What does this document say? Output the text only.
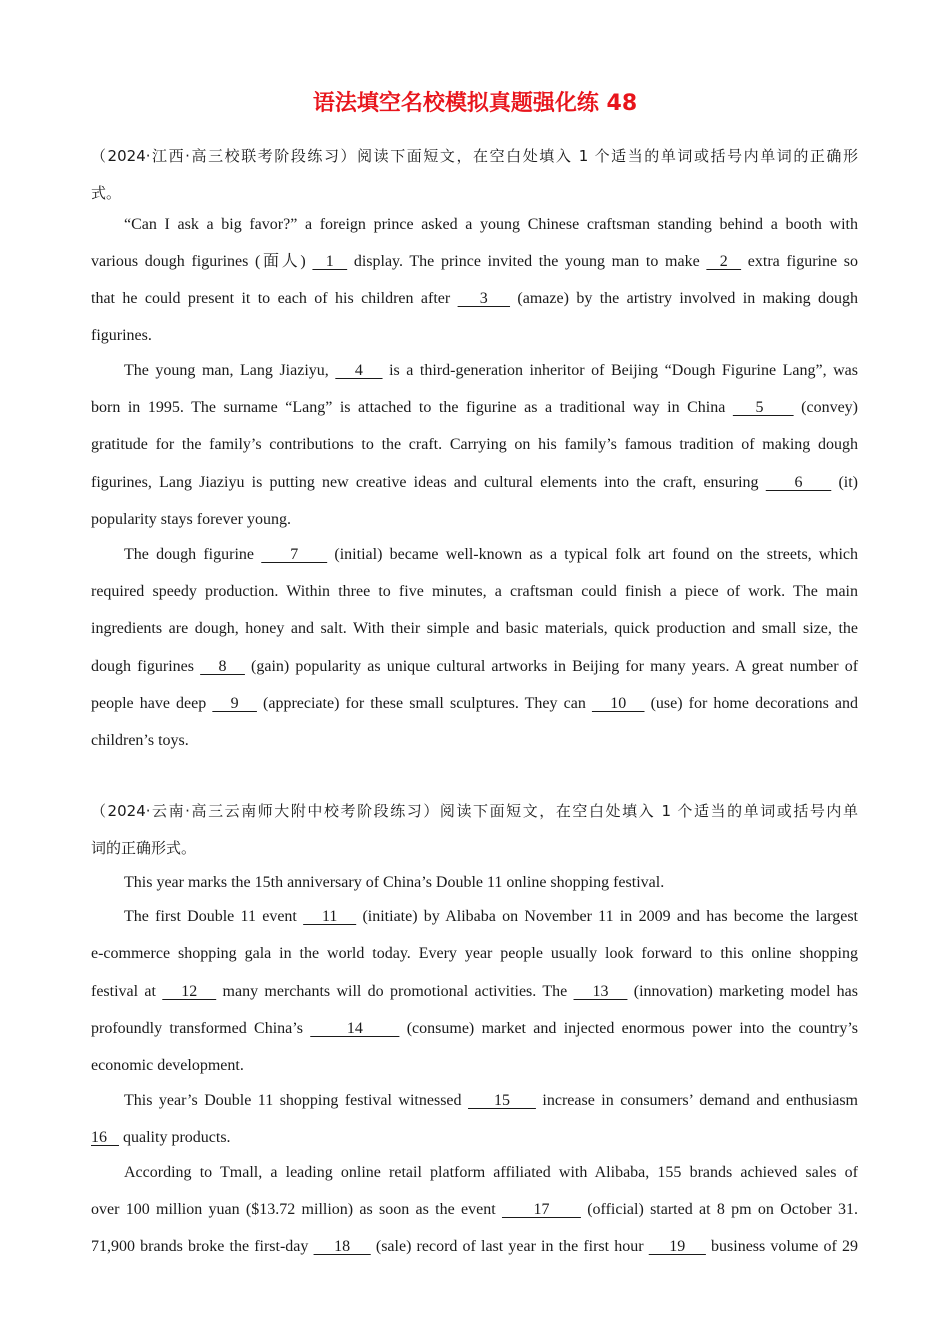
语法填空名校模拟真题强化练 48
（2024·江西·高三校联考阶段练习）阅读下面短文，在空白处填入 1 个适当的单词或括号内单词的正确形
式。
“Can I ask a big favor?” a foreign prince asked a young Chinese craftsman standing behind a booth with
various dough figurines (面人)   1   display. The prince invited the young man to make   2   extra figurine so
that he could present it to each of his children after    3    (amaze) by the artistry involved in making dough
figurines.
The young man, Lang Jiaziyu,    4    is a third-generation inheritor of Beijing “Dough Figurine Lang”, was
born in 1995. The surname “Lang” is attached to the figurine as a traditional way in China    5     (convey)
gratitude for the family’s contributions to the craft. Carrying on his family’s famous tradition of making dough
figurines, Lang Jiaziyu is putting new creative ideas and cultural elements into the craft, ensuring     6     (it)
popularity stays forever young.
The dough figurine     7     (initial) became well-known as a typical folk art found on the streets, which
required speedy production. Within three to five minutes, a craftsman could finish a piece of work. The main
ingredients are dough, honey and salt. With their simple and basic materials, quick production and small size, the
dough figurines    8    (gain) popularity as unique cultural artworks in Beijing for many years. A great number of
people have deep    9    (appreciate) for these small sculptures. They can    10    (use) for home decorations and
children’s toys.
（2024·云南·高三云南师大附中校考阶段练习）阅读下面短文，在空白处填入 1 个适当的单词或括号内单
词的正确形式。
This year marks the 15th anniversary of China’s Double 11 online shopping festival.
The first Double 11 event    11    (initiate) by Alibaba on November 11 in 2009 and has become the largest
e-commerce shopping gala in the world today. Every year people usually look forward to this online shopping
festival at    12    many merchants will do promotional activities. The    13    (innovation) marketing model has
profoundly transformed China’s      14      (consume) market and injected enormous power into the country’s
economic development.
This year’s Double 11 shopping festival witnessed     15     increase in consumers’ demand and enthusiasm
16    quality products.
According to Tmall, a leading online retail platform affiliated with Alibaba, 155 brands achieved sales of
over 100 million yuan ($13.72 million) as soon as the event      17      (official) started at 8 pm on October 31.
71,900 brands broke the first-day     18     (sale) record of last year in the first hour     19     business volume of 29
